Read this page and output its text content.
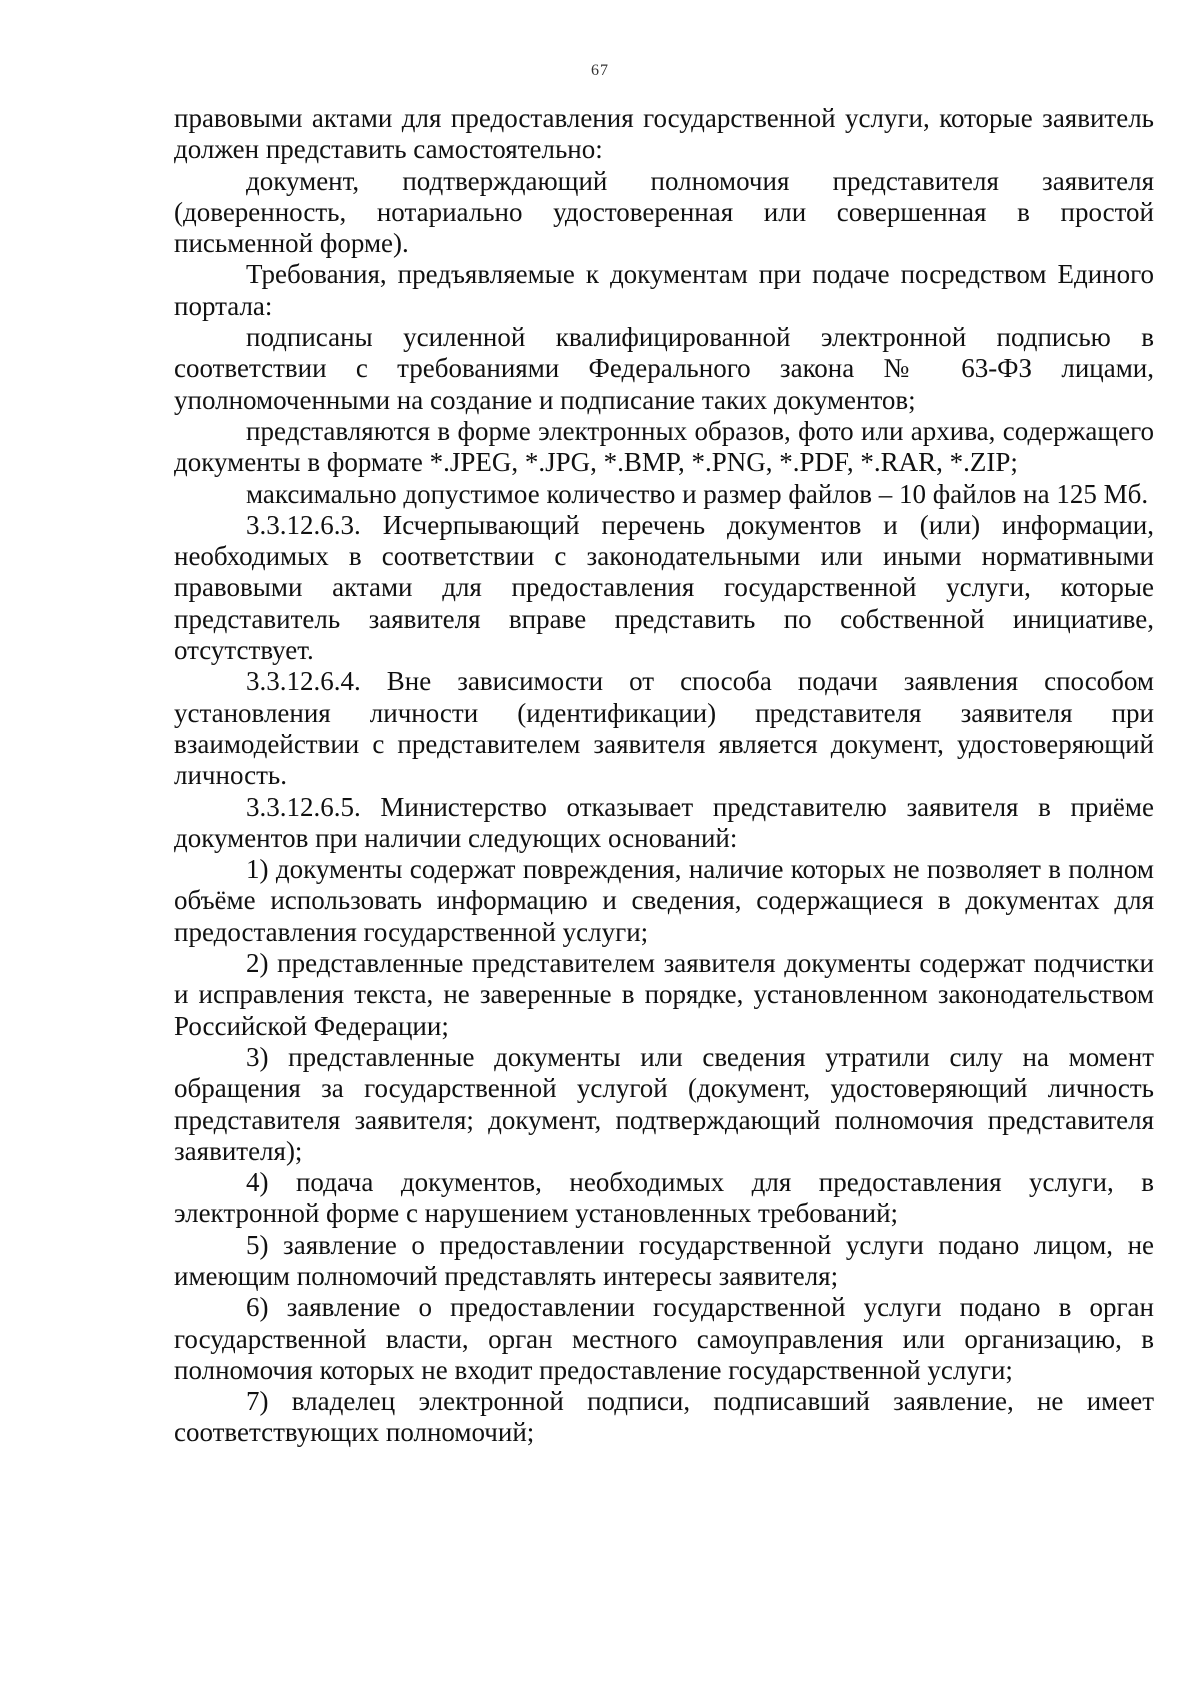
67

правовыми актами для предоставления государственной услуги, которые заявитель должен представить самостоятельно:

документ, подтверждающий полномочия представителя заявителя (доверенность, нотариально удостоверенная или совершенная в простой письменной форме).

Требования, предъявляемые к документам при подаче посредством Единого портала:

подписаны усиленной квалифицированной электронной подписью в соответствии с требованиями Федерального закона № 63-ФЗ лицами, уполномоченными на создание и подписание таких документов;

представляются в форме электронных образов, фото или архива, содержащего документы в формате *.JPEG, *.JPG, *.BMP, *.PNG, *.PDF, *.RAR, *.ZIP;

максимально допустимое количество и размер файлов – 10 файлов на 125 Мб.

3.3.12.6.3. Исчерпывающий перечень документов и (или) информации, необходимых в соответствии с законодательными или иными нормативными правовыми актами для предоставления государственной услуги, которые представитель заявителя вправе представить по собственной инициативе, отсутствует.

3.3.12.6.4. Вне зависимости от способа подачи заявления способом установления личности (идентификации) представителя заявителя при взаимодействии с представителем заявителя является документ, удостоверяющий личность.

3.3.12.6.5. Министерство отказывает представителю заявителя в приёме документов при наличии следующих оснований:

1) документы содержат повреждения, наличие которых не позволяет в полном объёме использовать информацию и сведения, содержащиеся в документах для предоставления государственной услуги;

2) представленные представителем заявителя документы содержат подчистки и исправления текста, не заверенные в порядке, установленном законодательством Российской Федерации;

3) представленные документы или сведения утратили силу на момент обращения за государственной услугой (документ, удостоверяющий личность представителя заявителя; документ, подтверждающий полномочия представителя заявителя);

4) подача документов, необходимых для предоставления услуги, в электронной форме с нарушением установленных требований;

5) заявление о предоставлении государственной услуги подано лицом, не имеющим полномочий представлять интересы заявителя;

6) заявление о предоставлении государственной услуги подано в орган государственной власти, орган местного самоуправления или организацию, в полномочия которых не входит предоставление государственной услуги;

7) владелец электронной подписи, подписавший заявление, не имеет соответствующих полномочий;
